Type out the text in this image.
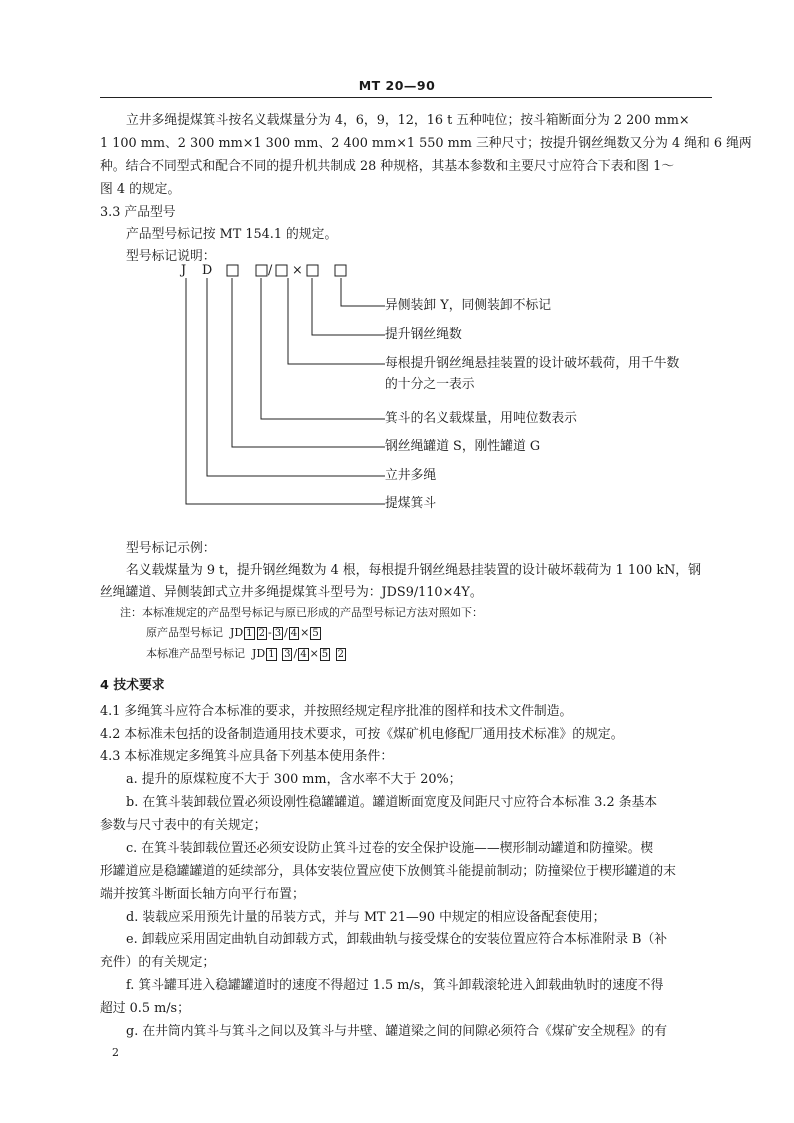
MT 20—90
立井多绳提煤箕斗按名义载煤量分为 4，6，9，12，16 t 五种吨位；按斗箱断面分为 2 200 mm×
1 100 mm、2 300 mm×1 300 mm、2 400 mm×1 550 mm 三种尺寸；按提升钢丝绳数又分为 4 绳和 6 绳两
种。结合不同型式和配合不同的提升机共制成 28 种规格，其基本参数和主要尺寸应符合下表和图 1～
图 4 的规定。
3.3 产品型号
产品型号标记按 MT 154.1 的规定。
型号标记说明：
J D	/ ×
异侧装卸 Y，同侧装卸不标记
提升钢丝绳数
每根提升钢丝绳悬挂装置的设计破坏载荷，用千牛数
的十分之一表示
箕斗的名义载煤量，用吨位数表示
钢丝绳罐道 S，刚性罐道 G
立井多绳
提煤箕斗
型号标记示例：
名义载煤量为 9 t，提升钢丝绳数为 4 根，每根提升钢丝绳悬挂装置的设计破坏载荷为 1 100 kN，钢
丝绳罐道、异侧装卸式立井多绳提煤箕斗型号为：JDS9/110×4Y。
注：本标准规定的产品型号标记与原已形成的产品型号标记方法对照如下：
原产品型号标记 JD 1 2 - 3 / 4 × 5
本标准产品型号标记 JD 1 3 / 4 × 5 2
4 技术要求
4.1 多绳箕斗应符合本标准的要求，并按照经规定程序批准的图样和技术文件制造。
4.2 本标准未包括的设备制造通用技术要求，可按《煤矿机电修配厂通用技术标准》的规定。
4.3 本标准规定多绳箕斗应具备下列基本使用条件：
a. 提升的原煤粒度不大于 300 mm，含水率不大于 20%；
b. 在箕斗装卸载位置必须设刚性稳罐罐道。罐道断面宽度及间距尺寸应符合本标准 3.2 条基本
参数与尺寸表中的有关规定；
c. 在箕斗装卸载位置还必须安设防止箕斗过卷的安全保护设施——楔形制动罐道和防撞梁。楔
形罐道应是稳罐罐道的延续部分，具体安装位置应使下放侧箕斗能提前制动；防撞梁位于楔形罐道的末
端并按箕斗断面长轴方向平行布置；
d. 装载应采用预先计量的吊装方式，并与 MT 21—90 中规定的相应设备配套使用；
e. 卸载应采用固定曲轨自动卸载方式，卸载曲轨与接受煤仓的安装位置应符合本标准附录 B（补
充件）的有关规定；
f. 箕斗罐耳进入稳罐罐道时的速度不得超过 1.5 m/s，箕斗卸载滚轮进入卸载曲轨时的速度不得
超过 0.5 m/s；
g. 在井筒内箕斗与箕斗之间以及箕斗与井壁、罐道梁之间的间隙必须符合《煤矿安全规程》的有
2
